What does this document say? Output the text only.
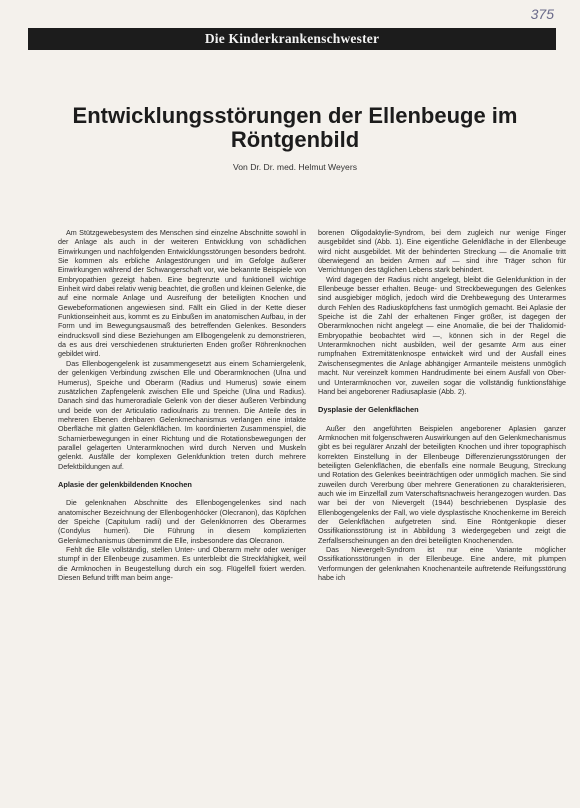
375
Die Kinderkrankenschwester
Entwicklungsstörungen der Ellenbeuge im Röntgenbild
Von Dr. Dr. med. Helmut Weyers

Am Stützgewebesystem des Menschen sind einzelne Abschnitte sowohl in der Anlage als auch in der weiteren Entwicklung von schädlichen Einwirkungen und nachfolgenden Entwicklungsstörungen besonders bedroht. Sie kommen als erbliche Anlagestörungen und im Gefolge äußerer Einwirkungen während der Schwangerschaft vor, wie bekannte Beispiele von Embryopathien gezeigt haben. Eine begrenzte und funktionell wichtige Einheit wird dabei relativ wenig beachtet, die großen und kleinen Gelenke, die auf eine normale Anlage und Ausreifung der beteiligten Knochen und Gewebeformationen angewiesen sind. Fällt ein Glied in der Kette dieser Funktionseinheit aus, kommt es zu Einbußen im anatomischen Aufbau, in der Form und im Bewegungsausmaß des betreffenden Gelenkes. Besonders eindrucksvoll sind diese Beziehungen am Ellbogengelenk zu demonstrieren, da es aus drei verschiedenen strukturierten Enden großer Röhrenknochen gebildet wird.

Das Ellenbogengelenk ist zusammengesetzt aus einem Scharniergelenk, der gelenkigen Verbindung zwischen Elle und Oberarmknochen (Ulna und Humerus), Speiche und Oberarm (Radius und Humerus) sowie einem zusätzlichen Zapfengelenk zwischen Elle und Speiche (Ulna und Radius). Danach sind das humeroradiale Gelenk von der dieser äußeren Verbindung und beide von der Articulatio radioulnaris zu trennen. Die Anteile des in mehreren Ebenen drehbaren Gelenkmechanismus verlangen eine intakte Oberfläche mit glatten Gelenkflächen. Im koordinierten Zusammenspiel, die Scharnierbewegungen in einer Richtung und die Rotationsbewegungen der parallel gelagerten Unterarmknochen wird durch Nerven und Muskeln gelenkt. Ausfälle der komplexen Gelenkfunktion treten durch mehrere Defektbildungen auf.

Aplasie der gelenkbildenden Knochen

Die gelenknahen Abschnitte des Ellenbogengelenkes sind nach anatomischer Bezeichnung der Ellenbogenhöcker (Olecranon), das Köpfchen der Speiche (Capitulum radii) und der Gelenkknorren des Oberarmes (Condylus humeri). Die Führung in diesem komplizierten Gelenkmechanismus übernimmt die Elle, insbesondere das Olecranon.

Fehlt die Elle vollständig, stellen Unter- und Oberarm mehr oder weniger stumpf in der Ellenbeuge zusammen. Es unterbleibt die Streckfähigkeit, weil die Armknochen in Beugestellung durch ein sog. Flügelfell fixiert werden. Diesen Befund trifft man beim ange-

borenen Oligodaktylie-Syndrom, bei dem zugleich nur wenige Finger ausgebildet sind (Abb. 1). Eine eigentliche Gelenkfläche in der Ellenbeuge wird nicht ausgebildet. Mit der behinderten Streckung — die Anomalie tritt überwiegend an beiden Armen auf — sind ihre Träger schon für Verrichtungen des täglichen Lebens stark behindert.

Wird dagegen der Radius nicht angelegt, bleibt die Gelenkfunktion in der Ellenbeuge besser erhalten. Beuge- und Streckbewegungen des Gelenkes sind ausgiebiger möglich, jedoch wird die Drehbewegung des Unterarmes durch Fehlen des Radiusköpfchens fast unmöglich gemacht. Bei Aplasie der Speiche ist die Zahl der erhaltenen Finger größer, ist dagegen der Oberarmknochen nicht angelegt — eine Anomalie, die bei der Thalidomid-Embryopathie beobachtet wird —, können sich in der Regel die Unterarmknochen nicht ausbilden, weil der gesamte Arm aus einer rumpfnahen Extremitätenknospe entwickelt wird und der Ausfall eines Zwischensegmentes die Anlage abhängiger Armanteile meistens unmöglich macht. Nur vereinzelt kommen Handrudimente bei einem Ausfall von Ober- und Unterarmknochen vor, zuweilen sogar die vollständig funktionsfähige Hand bei angeborener Radiusaplasie (Abb. 2).

Dysplasie der Gelenkflächen

Außer den angeführten Beispielen angeborener Aplasien ganzer Armknochen mit folgenschweren Auswirkungen auf den Gelenkmechanismus gibt es bei regulärer Anzahl der beteiligten Knochen und ihrer topographisch korrekten Einstellung in der Ellenbeuge Differenzierungsstörungen der beteiligten Gelenkflächen, die ebenfalls eine normale Beugung, Streckung und Rotation des Gelenkes beeinträchtigen oder unmöglich machen. Sie sind zuweilen durch Vererbung über mehrere Generationen zu charakterisieren, auch wie im Einzelfall zum Vaterschaftsnachweis herangezogen wurden. Das war bei der von Nievergelt (1944) beschriebenen Dysplasie des Ellenbogengelenks der Fall, wo viele dysplastische Knochenkerne im Bereich der Gelenkflächen aufgetreten sind. Eine Röntgenkopie dieser Ossifikationsstörung ist in Abbildung 3 wiedergegeben und zeigt die Zerfallserscheinungen an den drei beteiligten Knochenenden.

Das Nievergelt-Syndrom ist nur eine Variante möglicher Ossifikationsstörungen in der Ellenbeuge. Eine andere, mit plumpen Verformungen der gelenknahen Knochenanteile auftretende Reifungsstörung habe ich
